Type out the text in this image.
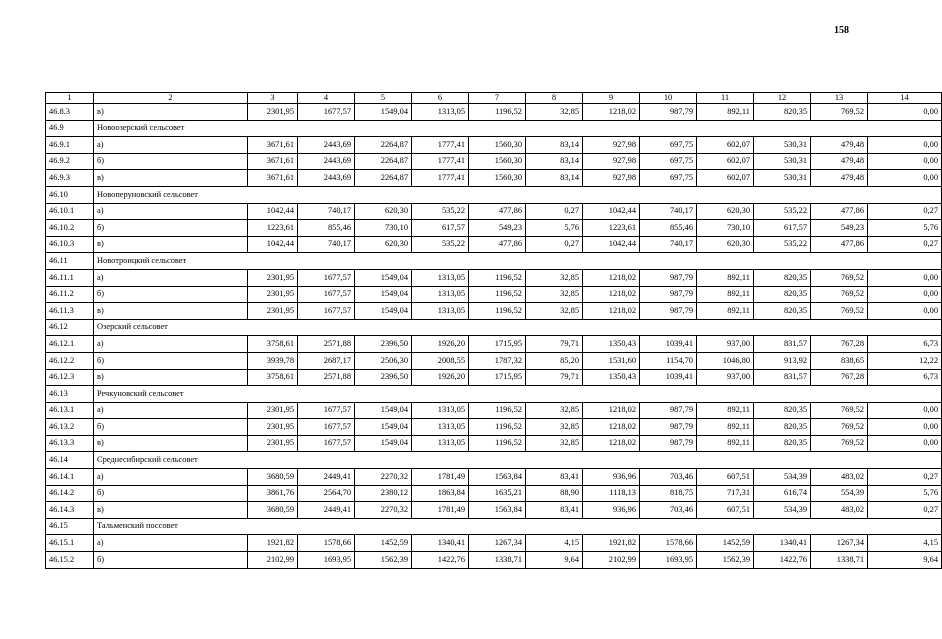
158
1	2	3	4	5	6	7	8	9	10	11	12	13	14
46.8.3	в)	2301,95	1677,57	1549,04	1313,05	1196,52	32,85	1218,02	987,79	892,11	820,35	769,52	0,00
46.9	Новоозерский сельсовет												
46.9.1	а)	3671,61	2443,69	2264,87	1777,41	1560,30	83,14	927,98	697,75	602,07	530,31	479,48	0,00
46.9.2	б)	3671,61	2443,69	2264,87	1777,41	1560,30	83,14	927,98	697,75	602,07	530,31	479,48	0,00
46.9.3	в)	3671,61	2443,69	2264,87	1777,41	1560,30	83,14	927,98	697,75	602,07	530,31	479,48	0,00
46.10	Новоперуновский сельсовет												
46.10.1	а)	1042,44	740,17	620,30	535,22	477,86	0,27	1042,44	740,17	620,30	535,22	477,86	0,27
46.10.2	б)	1223,61	855,46	730,10	617,57	549,23	5,76	1223,61	855,46	730,10	617,57	549,23	5,76
46.10.3	в)	1042,44	740,17	620,30	535,22	477,86	0,27	1042,44	740,17	620,30	535,22	477,86	0,27
46.11	Новотроицкий сельсовет												
46.11.1	а)	2301,95	1677,57	1549,04	1313,05	1196,52	32,85	1218,02	987,79	892,11	820,35	769,52	0,00
46.11.2	б)	2301,95	1677,57	1549,04	1313,05	1196,52	32,85	1218,02	987,79	892,11	820,35	769,52	0,00
46.11.3	в)	2301,95	1677,57	1549,04	1313,05	1196,52	32,85	1218,02	987,79	892,11	820,35	769,52	0,00
46.12	Озерский сельсовет												
46.12.1	а)	3758,61	2571,88	2396,50	1926,20	1715,95	79,71	1350,43	1039,41	937,00	831,57	767,28	6,73
46.12.2	б)	3939,78	2687,17	2506,30	2008,55	1787,32	85,20	1531,60	1154,70	1046,80	913,92	838,65	12,22
46.12.3	в)	3758,61	2571,88	2396,50	1926,20	1715,95	79,71	1350,43	1039,41	937,00	831,57	767,28	6,73
46.13	Речкуновский сельсовет												
46.13.1	а)	2301,95	1677,57	1549,04	1313,05	1196,52	32,85	1218,02	987,79	892,11	820,35	769,52	0,00
46.13.2	б)	2301,95	1677,57	1549,04	1313,05	1196,52	32,85	1218,02	987,79	892,11	820,35	769,52	0,00
46.13.3	в)	2301,95	1677,57	1549,04	1313,05	1196,52	32,85	1218,02	987,79	892,11	820,35	769,52	0,00
46.14	Среднесибирский сельсовет												
46.14.1	а)	3680,59	2449,41	2270,32	1781,49	1563,84	83,41	936,96	703,46	607,51	534,39	483,02	0,27
46.14.2	б)	3861,76	2564,70	2380,12	1863,84	1635,21	88,90	1118,13	818,75	717,31	616,74	554,39	5,76
46.14.3	в)	3680,59	2449,41	2270,32	1781,49	1563,84	83,41	936,96	703,46	607,51	534,39	483,02	0,27
46.15	Тальменский поссовет												
46.15.1	а)	1921,82	1578,66	1452,59	1340,41	1267,34	4,15	1921,82	1578,66	1452,59	1340,41	1267,34	4,15
46.15.2	б)	2102,99	1693,95	1562,39	1422,76	1338,71	9,64	2102,99	1693,95	1562,39	1422,76	1338,71	9,64
